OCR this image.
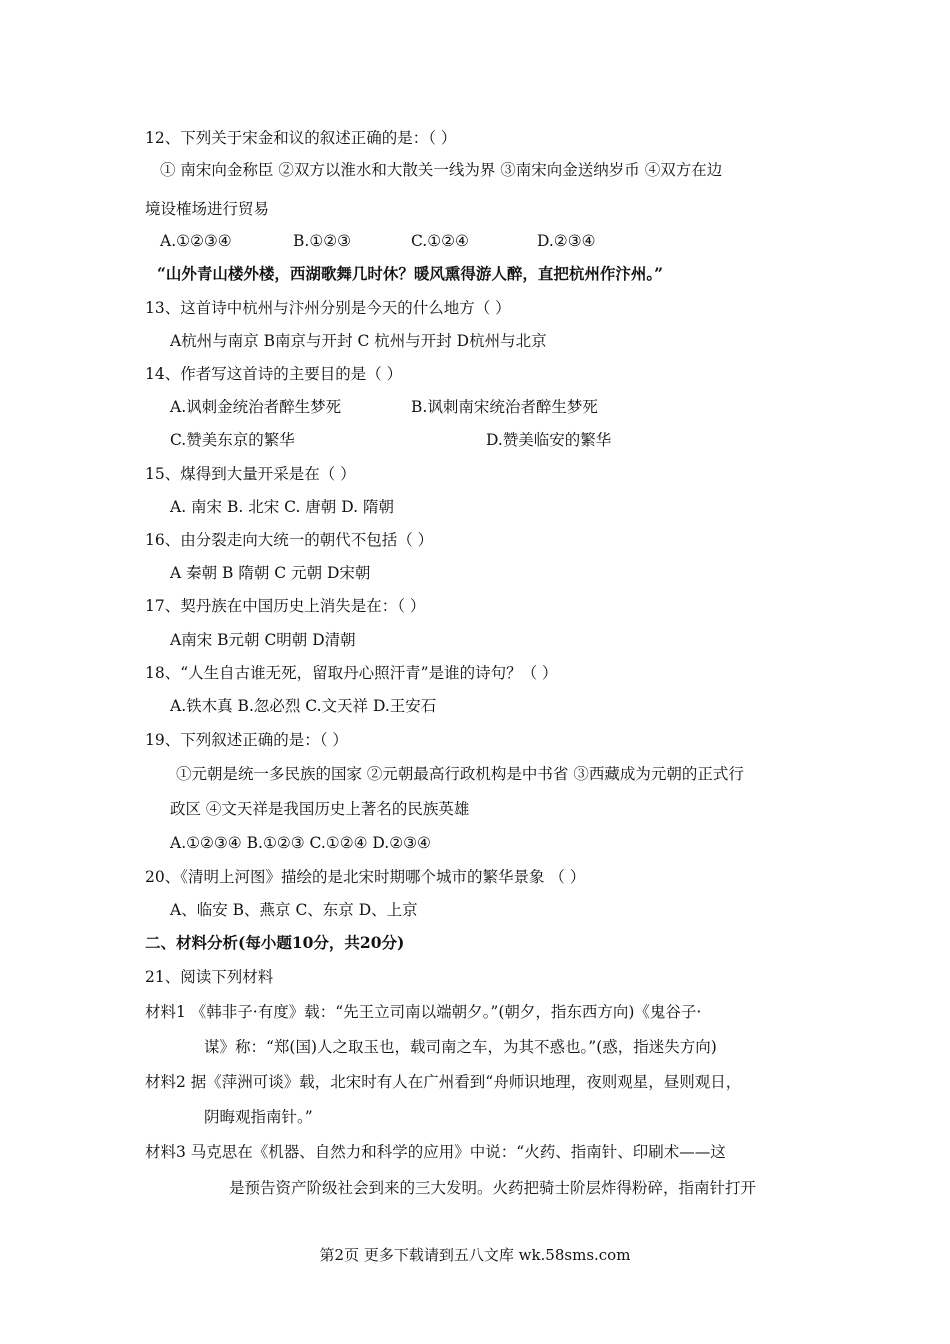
12、下列关于宋金和议的叙述正确的是：（ ）
① 南宋向金称臣 ②双方以淮水和大散关一线为界 ③南宋向金送纳岁币 ④双方在边
境设榷场进行贸易
A.①②③④	B.①②③	C.①②④	D.②③④
“山外青山楼外楼，西湖歌舞几时休？暖风熏得游人醉，直把杭州作汴州。”
13、这首诗中杭州与汴州分别是今天的什么地方（ ）
A杭州与南京 B南京与开封 C 杭州与开封 D杭州与北京
14、作者写这首诗的主要目的是（ ）
A.讽刺金统治者醉生梦死	B.讽刺南宋统治者醉生梦死
C.赞美东京的繁华	D.赞美临安的繁华
15、煤得到大量开采是在（ ）
A. 南宋 B. 北宋 C. 唐朝 D. 隋朝
16、由分裂走向大统一的朝代不包括（ ）
A 秦朝 B 隋朝 C 元朝 D宋朝
17、契丹族在中国历史上消失是在：（ ）
A南宋 B元朝 C明朝 D清朝
18、“人生自古谁无死，留取丹心照汗青”是谁的诗句？（ ）
A.铁木真 B.忽必烈 C.文天祥 D.王安石
19、下列叙述正确的是：（ ）
①元朝是统一多民族的国家 ②元朝最高行政机构是中书省 ③西藏成为元朝的正式行
政区 ④文天祥是我国历史上著名的民族英雄
A.①②③④ B.①②③ C.①②④ D.②③④
20、《清明上河图》描绘的是北宋时期哪个城市的繁华景象 （ ）
A、临安 B、燕京 C、东京 D、上京
二、材料分析(每小题10分，共20分)
21、阅读下列材料
材料1 《韩非子·有度》载：“先王立司南以端朝夕。”(朝夕，指东西方向)《鬼谷子·
谋》称：“郑(国)人之取玉也，载司南之车，为其不惑也。”(惑，指迷失方向)
材料2 据《萍洲可谈》载，北宋时有人在广州看到“舟师识地理，夜则观星，昼则观日，
阴晦观指南针。”
材料3 马克思在《机器、自然力和科学的应用》中说：“火药、指南针、印刷术——这
是预告资产阶级社会到来的三大发明。火药把骑士阶层炸得粉碎，指南针打开
第2页 更多下载请到五八文库 wk.58sms.com
